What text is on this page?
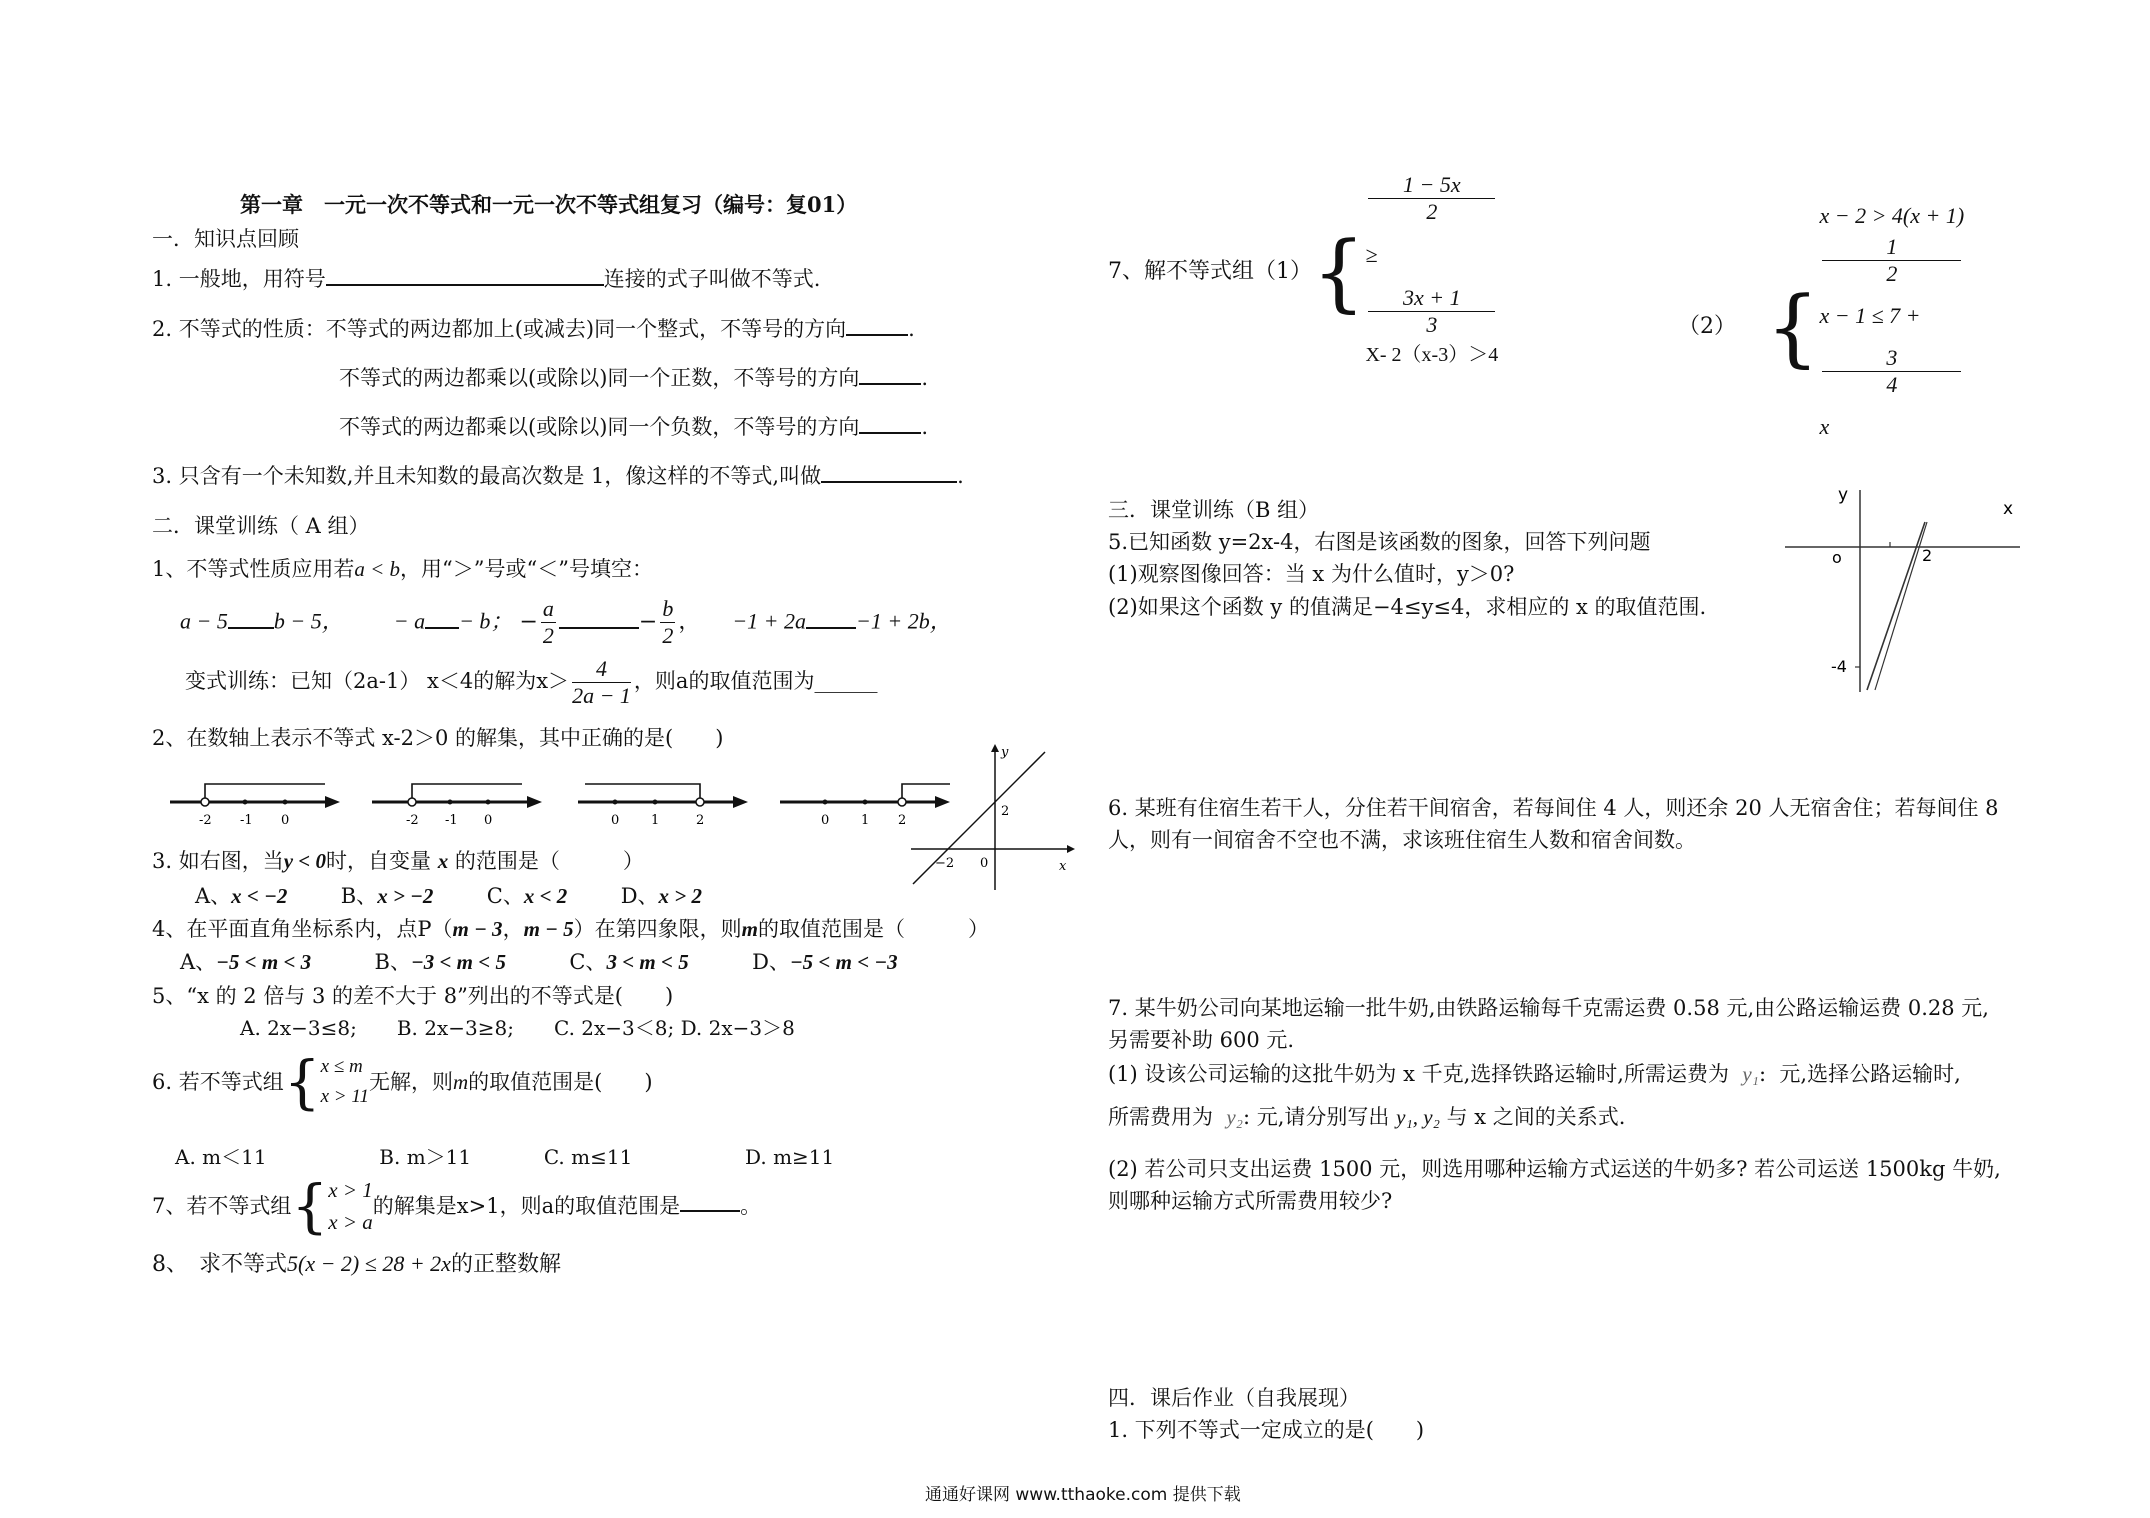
第一章　一元一次不等式和一元一次不等式组复习（编号：复01）
一．知识点回顾
1. 一般地，用符号	连接的式子叫做不等式.
2. 不等式的性质：不等式的两边都加上(或减去)同一个整式，不等号的方向	.
不等式的两边都乘以(或除以)同一个正数，不等号的方向	.
不等式的两边都乘以(或除以)同一个负数，不等号的方向	.
3. 只含有一个未知数,并且未知数的最高次数是 1，像这样的不等式,叫做	.
二．课堂训练（ A 组）
1、不等式性质应用若a < b，用“＞”号或“＜”号填空：
a − 5 b − 5， − a − b； − $\frac{a}{2}$	− $\frac{b}{2}$ ，  −1 + 2a −1 + 2b，
变式训练：已知（2a-1） x＜4的解为$x> \frac{4}{2a - 1}$ ，则a的取值范围为______
2、在数轴上表示不等式 x-2＞0 的解集，其中正确的是(　　)
-2 -1 0	-2 -1 0	0 1	2	0 1 2
y
x
−2 0
2
3. 如右图，当y < 0时，自变量 x 的范围是（　　　）
A、x < −2	B、x > −2	C、x < 2	D、x > 2
4、在平面直角坐标系内，点P（m − 3，m − 5）在第四象限，则m的取值范围是（　　　）
A、−5 < m < 3	B、−3 < m < 5	C、3 < m < 5	D、−5 < m < −3
5、“x 的 2 倍与 3 的差不大于 8”列出的不等式是(　　)
A. 2x−3≤8;　　B. 2x−3≥8;　　C. 2x−3＜8; D. 2x−3＞8
6. 若不等式组{ x ≤ m
x > 11
无解，则m的取值范围是(　　)
A. m＜11	B. m＞11	C. m≤11	D. m≥11
7、若不等式组{ x > 1
x > a
的解集是x>1，则a的取值范围是	。
8、　求不等式5(x − 2) ≤ 28 + 2x的正整数解
7、解不等式组（1）{
1 − 5x
2
≥
3x + 1
3
X- 2（x-3）＞4
（2） {
x − 2 > 4(x + 1)
1
2
x − 1 ≤ 7 +
3
4
x
三．课堂训练（B 组）
5.已知函数 y=2x-4，右图是该函数的图象，回答下列问题
(1)观察图像回答：当 x 为什么值时，y＞0?
(2)如果这个函数 y 的值满足−4≤y≤4，求相应的 x 的取值范围.
y
x
o	2
-4
6. 某班有住宿生若干人，分住若干间宿舍，若每间住 4 人，则还余 20 人无宿舍住；若每间住 8
人，则有一间宿舍不空也不满，求该班住宿生人数和宿舍间数。
7. 某牛奶公司向某地运输一批牛奶,由铁路运输每千克需运费 0.58 元,由公路运输运费 0.28 元,
另需要补助 600 元.
(1) 设该公司运输的这批牛奶为 x 千克,选择铁路运输时,所需运费为 y₁:  元,选择公路运输时,
所需费用为 y₂: 元,请分别写出 y₁, y₂ 与 x 之间的关系式.
(2) 若公司只支出运费 1500 元，则选用哪种运输方式运送的牛奶多? 若公司运送 1500kg 牛奶,
则哪种运输方式所需费用较少?
四．课后作业（自我展现）
1. 下列不等式一定成立的是(　　)
通通好课网 www.tthaoke.com 提供下载
